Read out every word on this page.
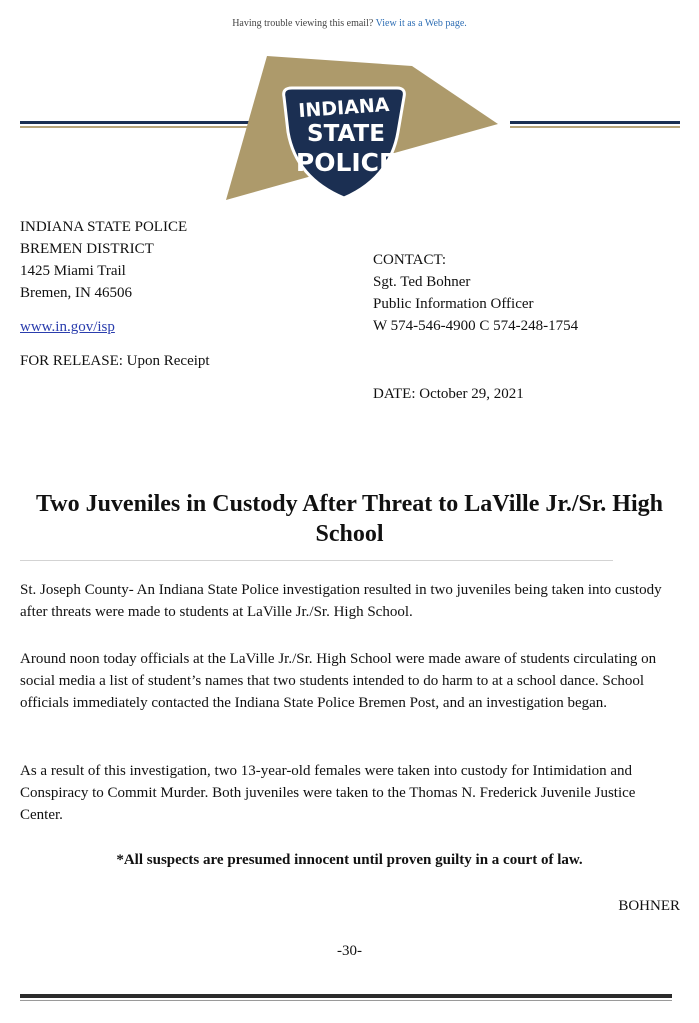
Having trouble viewing this email? View it as a Web page.
INDIANA
STATE
POLICE
INDIANA STATE POLICE
BREMEN DISTRICT
1425 Miami Trail
Bremen, IN 46506
www.in.gov/isp
FOR RELEASE: Upon Receipt
CONTACT:
Sgt. Ted Bohner
Public Information Officer
W 574-546-4900 C 574-248-1754
DATE: October 29, 2021
Two Juveniles in Custody After Threat to LaVille Jr./Sr. High School

St. Joseph County- An Indiana State Police investigation resulted in two juveniles being taken into custody after threats were made to students at LaVille Jr./Sr. High School.

Around noon today officials at the LaVille Jr./Sr. High School were made aware of students circulating on social media a list of student’s names that two students intended to do harm to at a school dance. School officials immediately contacted the Indiana State Police Bremen Post, and an investigation began.

As a result of this investigation, two 13-year-old females were taken into custody for Intimidation and Conspiracy to Commit Murder. Both juveniles were taken to the Thomas N. Frederick Juvenile Justice Center.

*All suspects are presumed innocent until proven guilty in a court of law.
BOHNER
-30-
